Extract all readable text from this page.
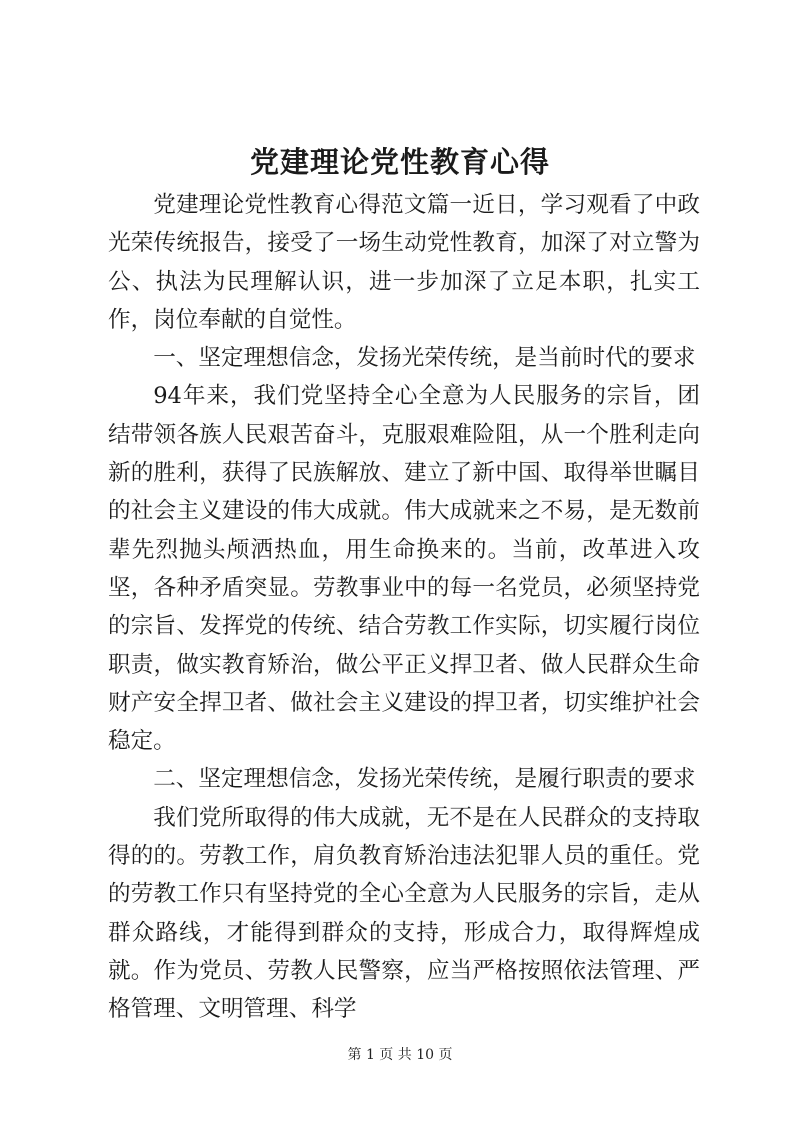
党建理论党性教育心得

党建理论党性教育心得范文篇一近日，学习观看了中政光荣传统报告，接受了一场生动党性教育，加深了对立警为公、执法为民理解认识，进一步加深了立足本职，扎实工作，岗位奉献的自觉性。

一、坚定理想信念，发扬光荣传统，是当前时代的要求

94年来，我们党坚持全心全意为人民服务的宗旨，团结带领各族人民艰苦奋斗，克服艰难险阻，从一个胜利走向新的胜利，获得了民族解放、建立了新中国、取得举世瞩目的社会主义建设的伟大成就。伟大成就来之不易，是无数前辈先烈抛头颅洒热血，用生命换来的。当前，改革进入攻坚，各种矛盾突显。劳教事业中的每一名党员，必须坚持党的宗旨、发挥党的传统、结合劳教工作实际，切实履行岗位职责，做实教育矫治，做公平正义捍卫者、做人民群众生命财产安全捍卫者、做社会主义建设的捍卫者，切实维护社会稳定。

二、坚定理想信念，发扬光荣传统，是履行职责的要求

我们党所取得的伟大成就，无不是在人民群众的支持取得的的。劳教工作，肩负教育矫治违法犯罪人员的重任。党的劳教工作只有坚持党的全心全意为人民服务的宗旨，走从群众路线，才能得到群众的支持，形成合力，取得辉煌成就。作为党员、劳教人民警察，应当严格按照依法管理、严格管理、文明管理、科学

第 1 页 共 10 页
